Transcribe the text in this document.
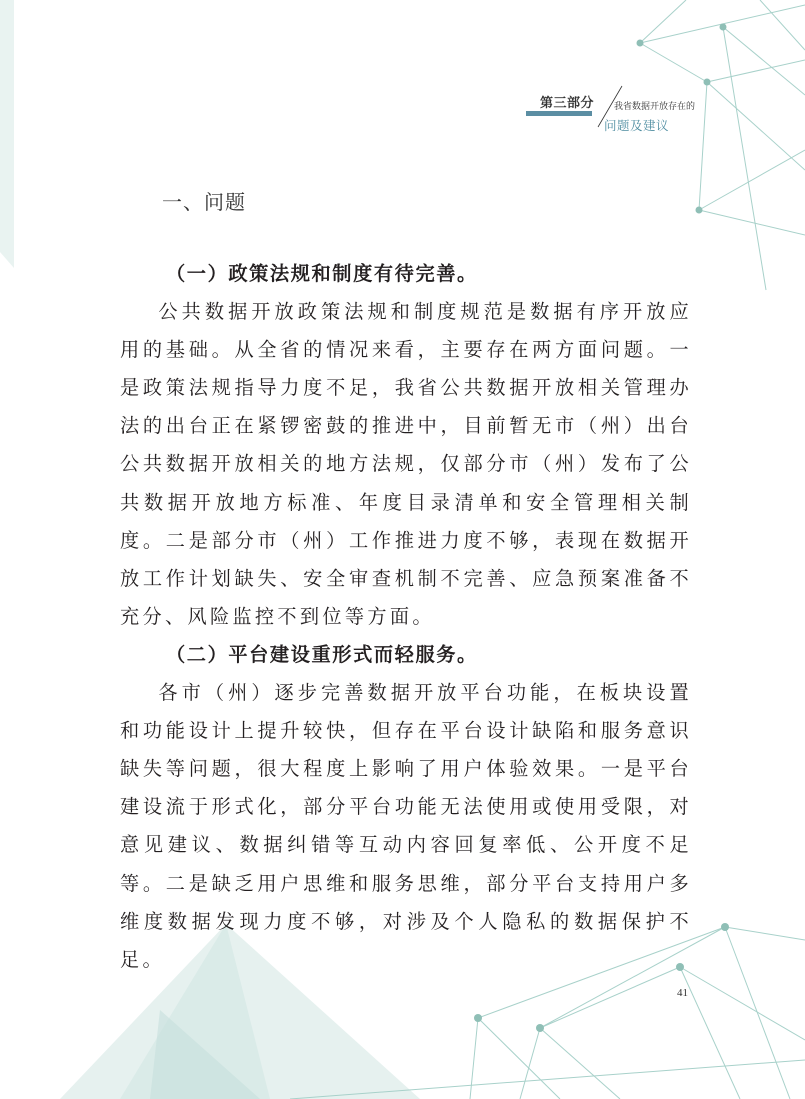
第三部分 我省数据开放存在的
问题及建议
一、问题

（一）政策法规和制度有待完善。

公共数据开放政策法规和制度规范是数据有序开放应用的基础。从全省的情况来看，主要存在两方面问题。一是政策法规指导力度不足，我省公共数据开放相关管理办法的出台正在紧锣密鼓的推进中，目前暂无市（州）出台公共数据开放相关的地方法规，仅部分市（州）发布了公共数据开放地方标准、年度目录清单和安全管理相关制度。二是部分市（州）工作推进力度不够，表现在数据开放工作计划缺失、安全审查机制不完善、应急预案准备不充分、风险监控不到位等方面。

（二）平台建设重形式而轻服务。

各市（州）逐步完善数据开放平台功能，在板块设置和功能设计上提升较快，但存在平台设计缺陷和服务意识缺失等问题，很大程度上影响了用户体验效果。一是平台建设流于形式化，部分平台功能无法使用或使用受限，对意见建议、数据纠错等互动内容回复率低、公开度不足等。二是缺乏用户思维和服务思维，部分平台支持用户多维度数据发现力度不够，对涉及个人隐私的数据保护不足。

41
